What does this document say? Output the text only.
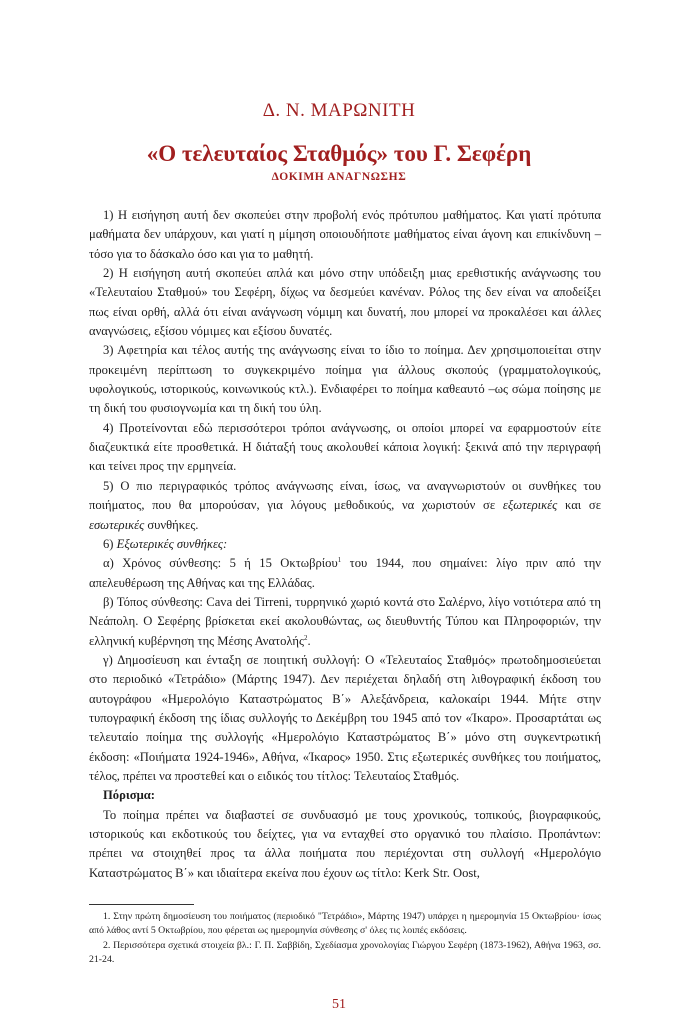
Δ. Ν. ΜΑΡΩΝΙΤΗ
«Ο τελευταίος Σταθμός» του Γ. Σεφέρη
ΔΟΚΙΜΗ ΑΝΑΓΝΩΣΗΣ

1) Η εισήγηση αυτή δεν σκοπεύει στην προβολή ενός πρότυπου μαθήματος. Και γιατί πρότυπα μαθήματα δεν υπάρχουν, και γιατί η μίμηση οποιουδήποτε μαθήματος είναι άγονη και επικίνδυνη –τόσο για το δάσκαλο όσο και για το μαθητή.

2) Η εισήγηση αυτή σκοπεύει απλά και μόνο στην υπόδειξη μιας ερεθιστικής ανάγνωσης του «Τελευταίου Σταθμού» του Σεφέρη, δίχως να δεσμεύει κανέναν. Ρόλος της δεν είναι να αποδείξει πως είναι ορθή, αλλά ότι είναι ανάγνωση νόμιμη και δυνατή, που μπορεί να προκαλέσει και άλλες αναγνώσεις, εξίσου νόμιμες και εξίσου δυνατές.

3) Αφετηρία και τέλος αυτής της ανάγνωσης είναι το ίδιο το ποίημα. Δεν χρησιμοποιείται στην προκειμένη περίπτωση το συγκεκριμένο ποίημα για άλλους σκοπούς (γραμματολογικούς, υφολογικούς, ιστορικούς, κοινωνικούς κτλ.). Ενδιαφέρει το ποίημα καθεαυτό –ως σώμα ποίησης με τη δική του φυσιογνωμία και τη δική του ύλη.

4) Προτείνονται εδώ περισσότεροι τρόποι ανάγνωσης, οι οποίοι μπορεί να εφαρμοστούν είτε διαζευκτικά είτε προσθετικά. Η διάταξή τους ακολουθεί κάποια λογική: ξεκινά από την περιγραφή και τείνει προς την ερμηνεία.

5) Ο πιο περιγραφικός τρόπος ανάγνωσης είναι, ίσως, να αναγνωριστούν οι συνθήκες του ποιήματος, που θα μπορούσαν, για λόγους μεθοδικούς, να χωριστούν σε εξωτερικές και σε εσωτερικές συνθήκες.

6) Εξωτερικές συνθήκες:

α) Χρόνος σύνθεσης: 5 ή 15 Οκτωβρίου$^1$ του 1944, που σημαίνει: λίγο πριν από την απελευθέρωση της Αθήνας και της Ελλάδας.

β) Τόπος σύνθεσης: Cava dei Tirreni, τυρρηνικό χωριό κοντά στο Σαλέρνο, λίγο νοτιότερα από τη Νεάπολη. Ο Σεφέρης βρίσκεται εκεί ακολουθώντας, ως διευθυντής Τύπου και Πληροφοριών, την ελληνική κυβέρνηση της Μέσης Ανατολής$^2$.

γ) Δημοσίευση και ένταξη σε ποιητική συλλογή: Ο «Τελευταίος Σταθμός» πρωτοδημοσιεύεται στο περιοδικό «Τετράδιο» (Μάρτης 1947). Δεν περιέχεται δηλαδή στη λιθογραφική έκδοση του αυτογράφου «Ημερολόγιο Καταστρώματος Β΄» Αλεξάνδρεια, καλοκαίρι 1944. Μήτε στην τυπογραφική έκδοση της ίδιας συλλογής το Δεκέμβρη του 1945 από τον «Ίκαρο». Προσαρτάται ως τελευταίο ποίημα της συλλογής «Ημερολόγιο Καταστρώματος Β΄» μόνο στη συγκεντρωτική έκδοση: «Ποιήματα 1924-1946», Αθήνα, «Ίκαρος» 1950. Στις εξωτερικές συνθήκες του ποιήματος, τέλος, πρέπει να προστεθεί και ο ειδικός του τίτλος: Τελευταίος Σταθμός.

Πόρισμα:

Το ποίημα πρέπει να διαβαστεί σε συνδυασμό με τους χρονικούς, τοπικούς, βιογραφικούς, ιστορικούς και εκδοτικούς του δείχτες, για να ενταχθεί στο οργανικό του πλαίσιο. Προπάντων: πρέπει να στοιχηθεί προς τα άλλα ποιήματα που περιέχονται στη συλλογή «Ημερολόγιο Καταστρώματος Β΄» και ιδιαίτερα εκείνα που έχουν ως τίτλο: Kerk Str. Oost,

1. Στην πρώτη δημοσίευση του ποιήματος (περιοδικό "Τετράδιο», Μάρτης 1947) υπάρχει η ημερομηνία 15 Οκτωβρίου· ίσως από λάθος αντί 5 Οκτωβρίου, που φέρεται ως ημερομηνία σύνθεσης σ' όλες τις λοιπές εκδόσεις.

2. Περισσότερα σχετικά στοιχεία βλ.: Γ. Π. Σαββίδη, Σχεδίασμα χρονολογίας Γιώργου Σεφέρη (1873-1962), Αθήνα 1963, σσ. 21-24.

51
